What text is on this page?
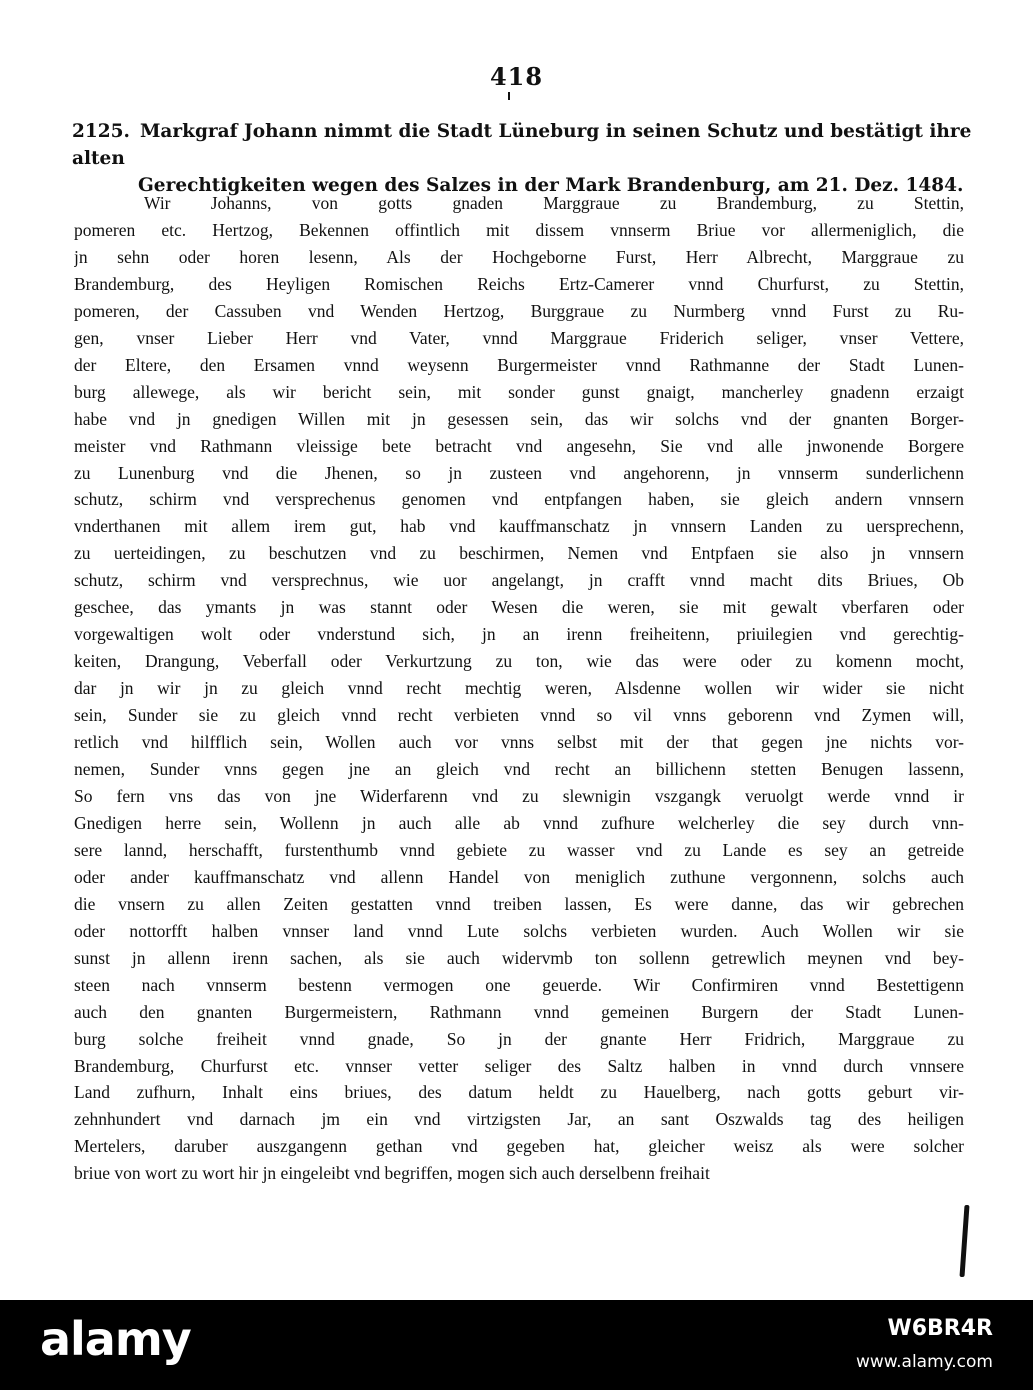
418
2125. Markgraf Johann nimmt die Stadt Lüneburg in seinen Schutz und bestätigt ihre alten
Gerechtigkeiten wegen des Salzes in der Mark Brandenburg, am 21. Dez. 1484.
Wir Johanns, von gotts gnaden Marggraue zu Brandemburg, zu Stettin,
pomeren etc. Hertzog, Bekennen offintlich mit dissem vnnserm Briue vor allermeniglich, die
jn sehn oder horen lesenn, Als der Hochgeborne Furst, Herr Albrecht, Marggraue zu
Brandemburg, des Heyligen Romischen Reichs Ertz-Camerer vnnd Churfurst, zu Stettin,
pomeren, der Cassuben vnd Wenden Hertzog, Burggraue zu Nurmberg vnnd Furst zu Ru-
gen, vnser Lieber Herr vnd Vater, vnnd Marggraue Friderich seliger, vnser Vettere,
der Eltere, den Ersamen vnnd weysenn Burgermeister vnnd Rathmanne der Stadt Lunen-
burg allewege, als wir bericht sein, mit sonder gunst gnaigt, mancherley gnadenn erzaigt
habe vnd jn gnedigen Willen mit jn gesessen sein, das wir solchs vnd der gnanten Borger-
meister vnd Rathmann vleissige bete betracht vnd angesehn, Sie vnd alle jnwonende Borgere
zu Lunenburg vnd die Jhenen, so jn zusteen vnd angehorenn, jn vnnserm sunderlichenn
schutz, schirm vnd versprechenus genomen vnd entpfangen haben, sie gleich andern vnnsern
vnderthanen mit allem irem gut, hab vnd kauffmanschatz jn vnnsern Landen zu uersprechenn,
zu uerteidingen, zu beschutzen vnd zu beschirmen, Nemen vnd Entpfaen sie also jn vnnsern
schutz, schirm vnd versprechnus, wie uor angelangt, jn crafft vnnd macht dits Briues, Ob
geschee, das ymants jn was stannt oder Wesen die weren, sie mit gewalt vberfaren oder
vorgewaltigen wolt oder vnderstund sich, jn an irenn freiheitenn, priuilegien vnd gerechtig-
keiten, Drangung, Veberfall oder Verkurtzung zu ton, wie das were oder zu komenn mocht,
dar jn wir jn zu gleich vnnd recht mechtig weren, Alsdenne wollen wir wider sie nicht
sein, Sunder sie zu gleich vnnd recht verbieten vnnd so vil vnns geborenn vnd Zymen will,
retlich vnd hilfflich sein, Wollen auch vor vnns selbst mit der that gegen jne nichts vor-
nemen, Sunder vnns gegen jne an gleich vnd recht an billichenn stetten Benugen lassenn,
So fern vns das von jne Widerfarenn vnd zu slewnigin vszgangk veruolgt werde vnnd ir
Gnedigen herre sein, Wollenn jn auch alle ab vnnd zufhure welcherley die sey durch vnn-
sere lannd, herschafft, furstenthumb vnnd gebiete zu wasser vnd zu Lande es sey an getreide
oder ander kauffmanschatz vnd allenn Handel von meniglich zuthune vergonnenn, solchs auch
die vnsern zu allen Zeiten gestatten vnnd treiben lassen, Es were danne, das wir gebrechen
oder nottorfft halben vnnser land vnnd Lute solchs verbieten wurden. Auch Wollen wir sie
sunst jn allenn irenn sachen, als sie auch widervmb ton sollenn getrewlich meynen vnd bey-
steen nach vnnserm bestenn vermogen one geuerde. Wir Confirmiren vnnd Bestettigenn
auch den gnanten Burgermeistern, Rathmann vnnd gemeinen Burgern der Stadt Lunen-
burg solche freiheit vnnd gnade, So jn der gnante Herr Fridrich, Marggraue zu
Brandemburg, Churfurst etc. vnnser vetter seliger des Saltz halben in vnnd durch vnnsere
Land zufhurn, Inhalt eins briues, des datum heldt zu Hauelberg, nach gotts geburt vir-
zehnhundert vnd darnach jm ein vnd virtzigsten Jar, an sant Oszwalds tag des heiligen
Mertelers, daruber auszgangenn gethan vnd gegeben hat, gleicher weisz als were solcher
briue von wort zu wort hir jn eingeleibt vnd begriffen, mogen sich auch derselbenn freihait
alamy	W6BR4R
www.alamy.com
